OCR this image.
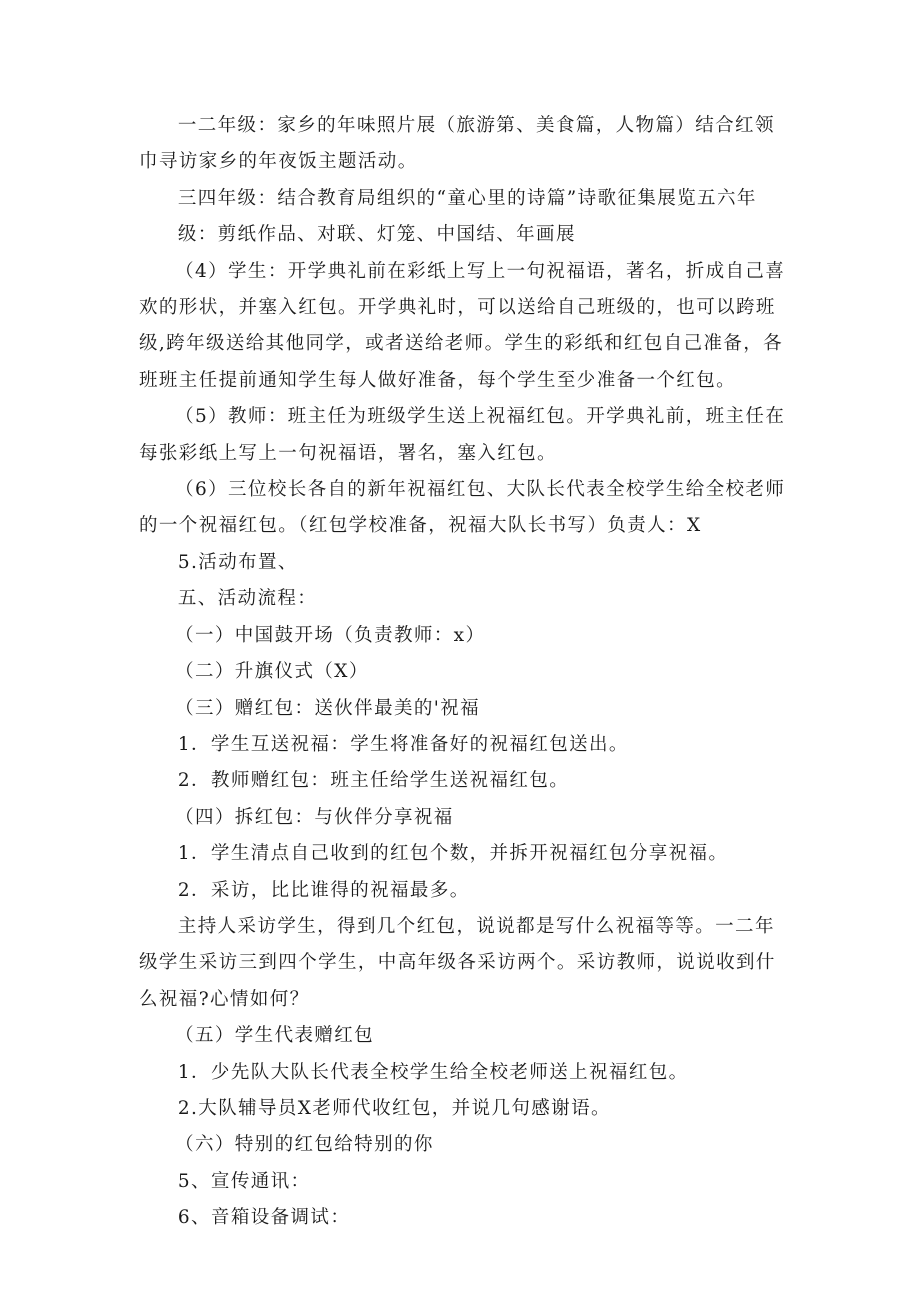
一二年级：家乡的年味照片展（旅游第、美食篇，人物篇）结合红领巾寻访家乡的年夜饭主题活动。

三四年级：结合教育局组织的“童心里的诗篇”诗歌征集展览五六年

级：剪纸作品、对联、灯笼、中国结、年画展

（4）学生：开学典礼前在彩纸上写上一句祝福语，著名，折成自己喜欢的形状，并塞入红包。开学典礼时，可以送给自己班级的，也可以跨班级,跨年级送给其他同学，或者送给老师。学生的彩纸和红包自己准备，各班班主任提前通知学生每人做好准备，每个学生至少准备一个红包。

（5）教师：班主任为班级学生送上祝福红包。开学典礼前，班主任在每张彩纸上写上一句祝福语，署名，塞入红包。

（6）三位校长各自的新年祝福红包、大队长代表全校学生给全校老师的一个祝福红包。（红包学校准备，祝福大队长书写）负责人：X

5.活动布置、

五、活动流程：

（一）中国鼓开场（负责教师：x）

（二）升旗仪式（X）

（三）赠红包：送伙伴最美的'祝福

1．学生互送祝福：学生将准备好的祝福红包送出。

2．教师赠红包：班主任给学生送祝福红包。

（四）拆红包：与伙伴分享祝福

1．学生清点自己收到的红包个数，并拆开祝福红包分享祝福。

2．采访，比比谁得的祝福最多。

主持人采访学生，得到几个红包，说说都是写什么祝福等等。一二年级学生采访三到四个学生，中高年级各采访两个。采访教师，说说收到什么祝福?心情如何？

（五）学生代表赠红包

1．少先队大队长代表全校学生给全校老师送上祝福红包。

2.大队辅导员X老师代收红包，并说几句感谢语。

（六）特别的红包给特别的你

5、宣传通讯：

6、音箱设备调试：
